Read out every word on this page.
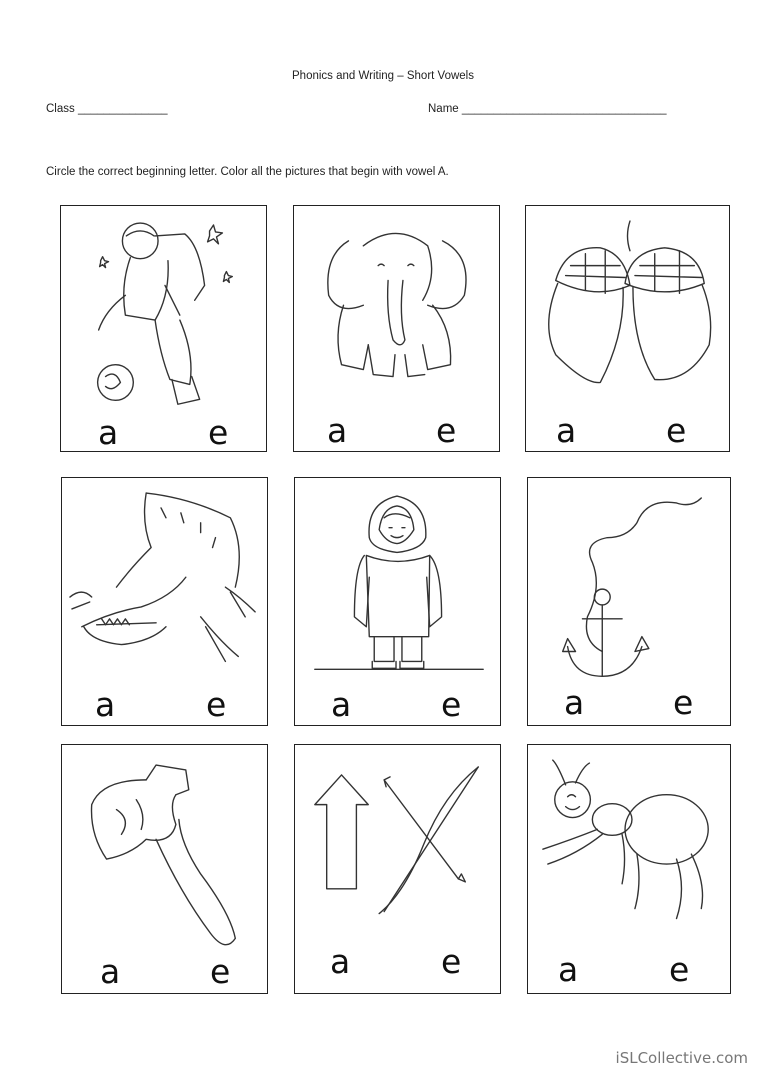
Phonics and Writing – Short Vowels
Class ______________	Name ________________________________
Circle the correct beginning letter. Color all the pictures that begin with vowel A.
a	e	a	e	a	e
a	e	a	e	a	e
a	e	a	e	a	e
iSLCollective.com
